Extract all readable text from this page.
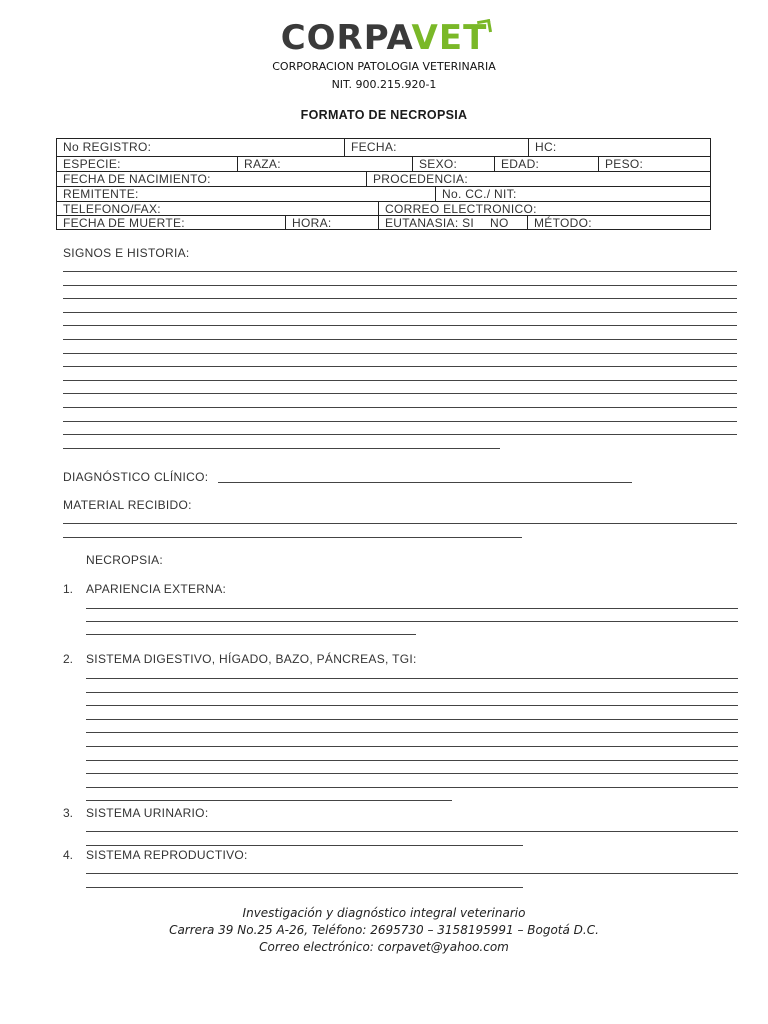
CORPAVET
CORPORACION PATOLOGIA VETERINARIA
NIT. 900.215.920-1
FORMATO DE NECROPSIA
No REGISTRO:	FECHA:	HC:
ESPECIE:	RAZA:	SEXO:	EDAD:	PESO:
FECHA DE NACIMIENTO:	PROCEDENCIA:
REMITENTE:	No. CC./ NIT:
TELEFONO/FAX:	CORREO ELECTRONICO:
FECHA DE MUERTE:	HORA:	EUTANASIA: SI NO	MÉTODO:
SIGNOS E HISTORIA:
DIAGNÓSTICO CLÍNICO:
MATERIAL RECIBIDO:
NECROPSIA:
1. APARIENCIA EXTERNA:
2. SISTEMA DIGESTIVO, HÍGADO, BAZO, PÁNCREAS, TGI:
3. SISTEMA URINARIO:
4. SISTEMA REPRODUCTIVO:
Investigación y diagnóstico integral veterinario
Carrera 39 No.25 A-26, Teléfono: 2695730 – 3158195991 – Bogotá D.C.
Correo electrónico: corpavet@yahoo.com
